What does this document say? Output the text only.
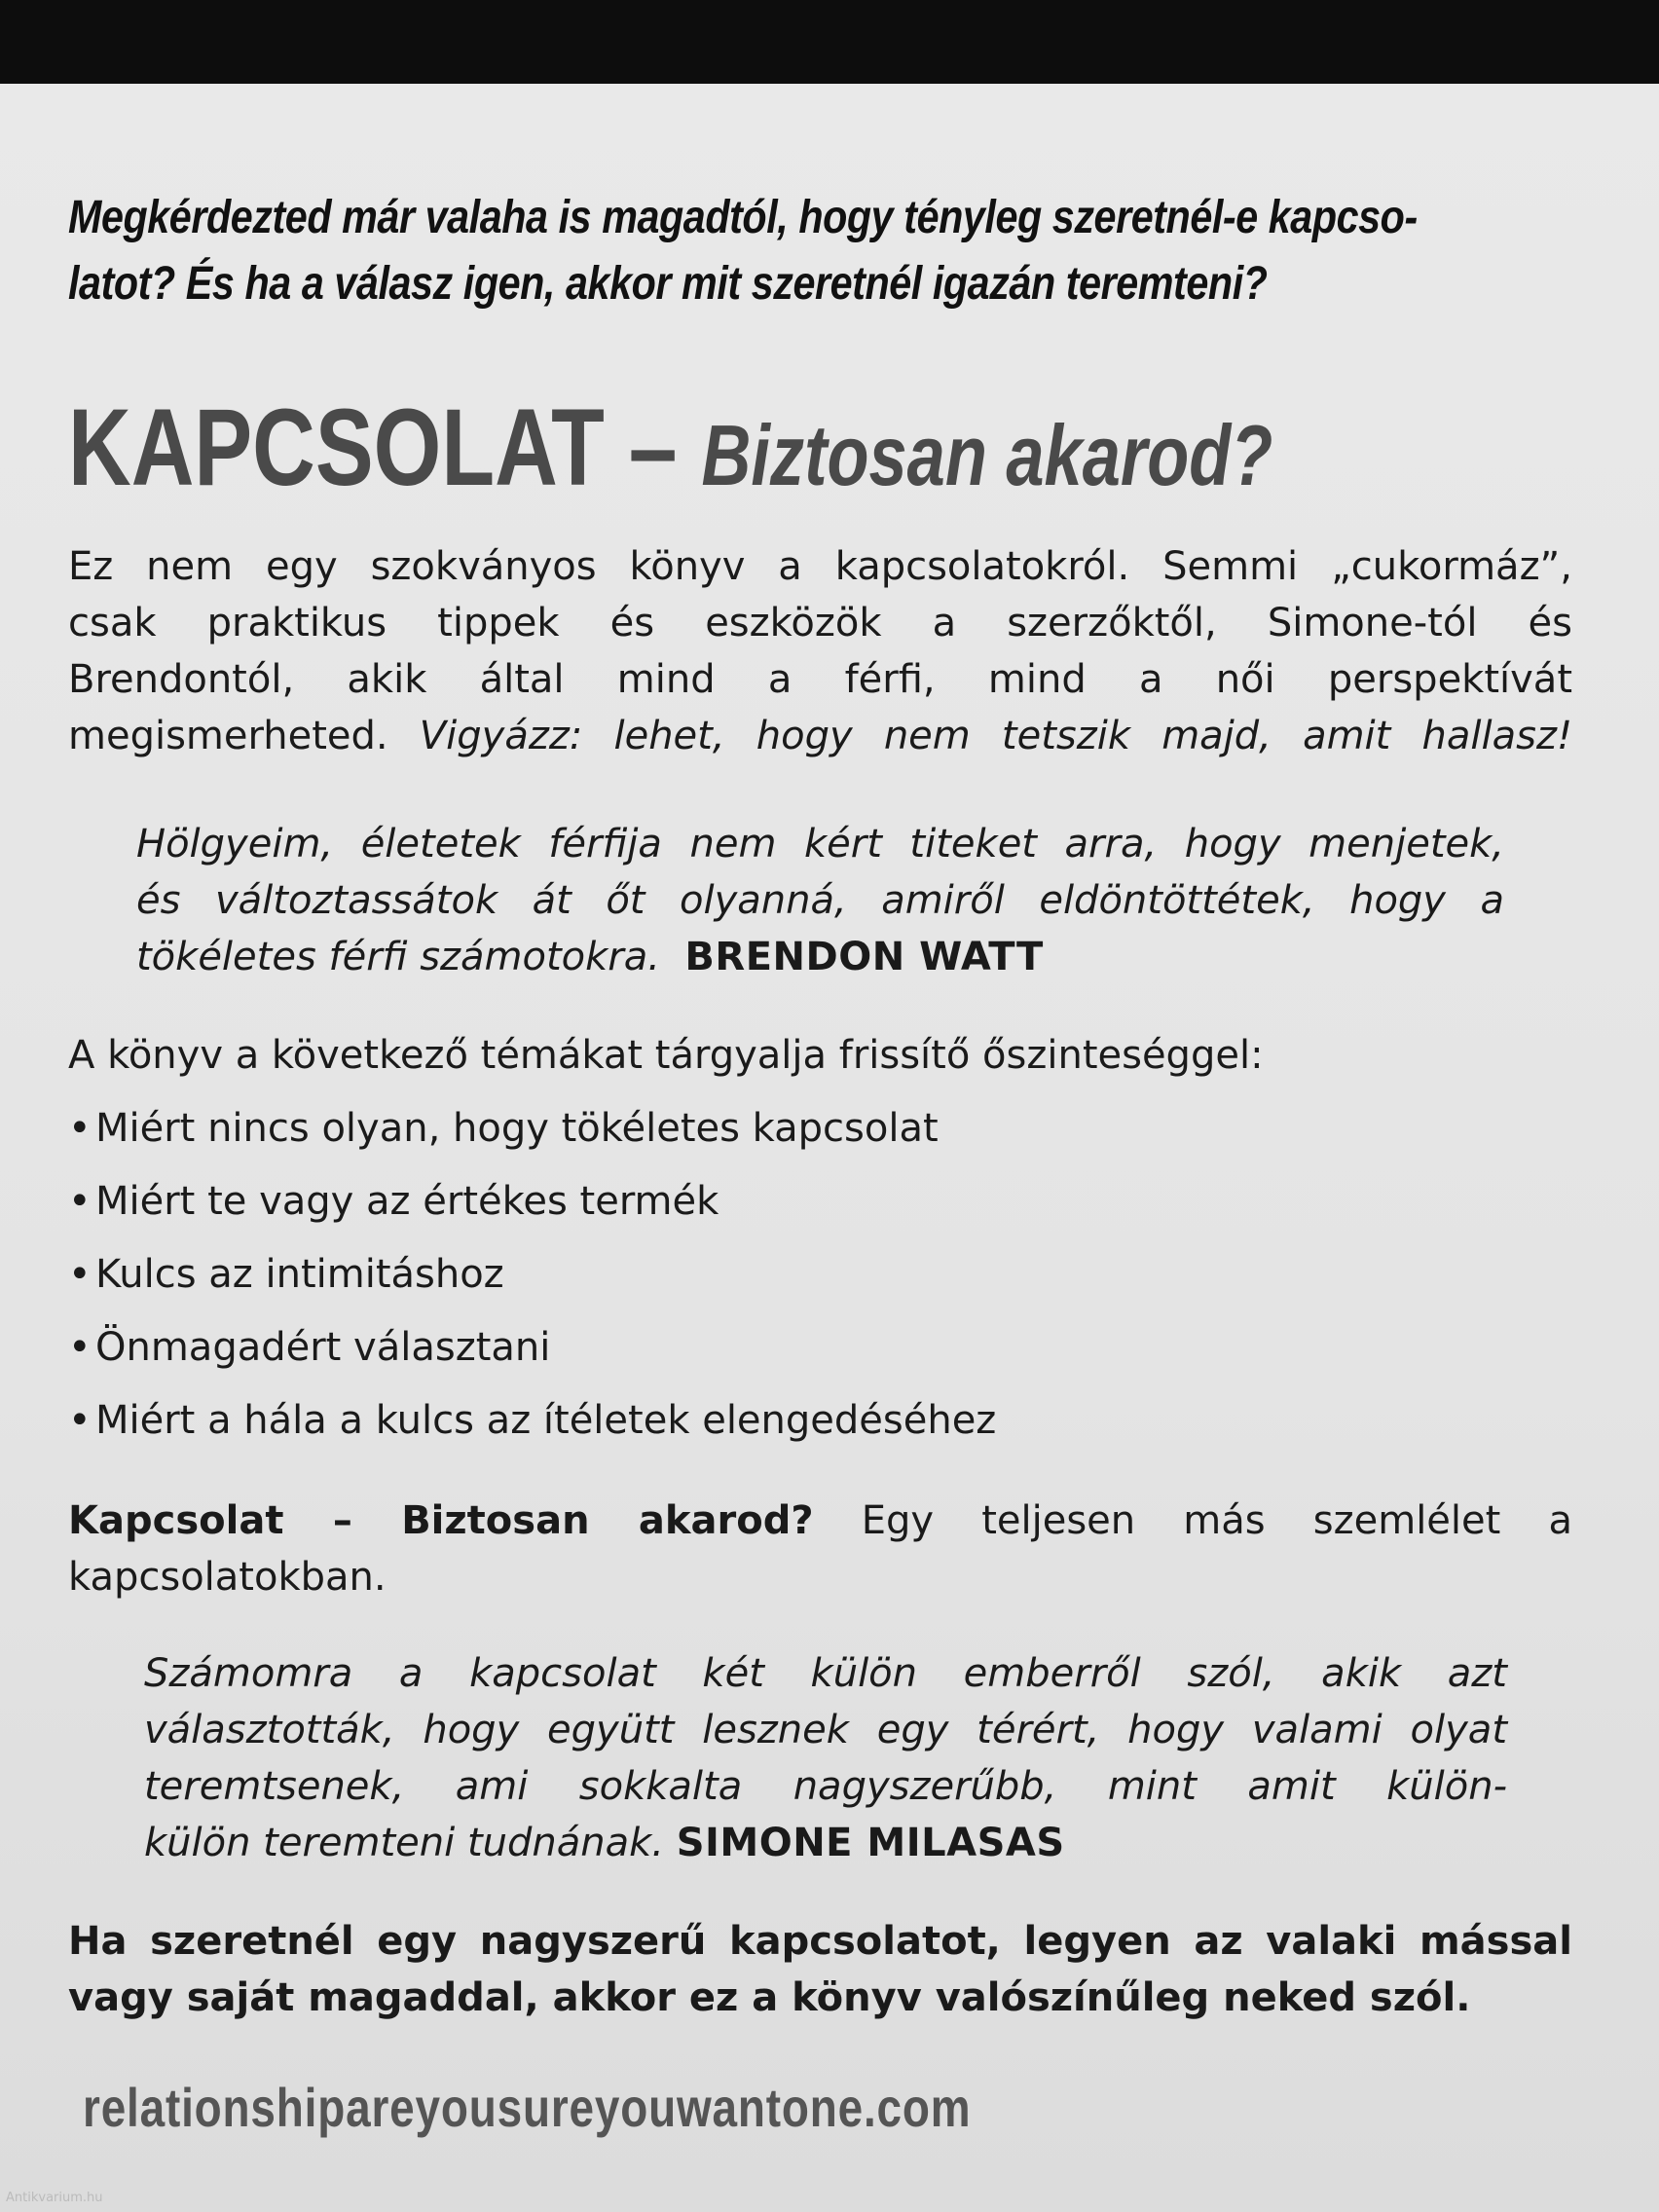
Megkérdezted már valaha is magadtól, hogy tényleg szeretnél-e kapcso-
latot? És ha a válasz igen, akkor mit szeretnél igazán teremteni?
KAPCSOLAT – Biztosan akarod?
Ez nem egy szokványos könyv a kapcsolatokról. Semmi „cukormáz”,
csak praktikus tippek és eszközök a szerzőktől, Simone-tól és
Brendontól, akik által mind a férfi, mind a női perspektívát
megismerheted. Vigyázz: lehet, hogy nem tetszik majd, amit hallasz!
Hölgyeim, életetek férfija nem kért titeket arra, hogy menjetek,
és változtassátok át őt olyanná, amiről eldöntöttétek, hogy a
tökéletes férfi számotokra. BRENDON WATT
A könyv a következő témákat tárgyalja frissítő őszinteséggel:
• Miért nincs olyan, hogy tökéletes kapcsolat
• Miért te vagy az értékes termék
• Kulcs az intimitáshoz
• Önmagadért választani
• Miért a hála a kulcs az ítéletek elengedéséhez
Kapcsolat – Biztosan akarod? Egy teljesen más szemlélet a
kapcsolatokban.
Számomra a kapcsolat két külön emberről szól, akik azt
választották, hogy együtt lesznek egy térért, hogy valami olyat
teremtsenek, ami sokkalta nagyszerűbb, mint amit külön-
külön teremteni tudnának. SIMONE MILASAS
Ha szeretnél egy nagyszerű kapcsolatot, legyen az valaki mással
vagy saját magaddal, akkor ez a könyv valószínűleg neked szól.
relationshipareyousureyouwantone.com
Antikvarium.hu
